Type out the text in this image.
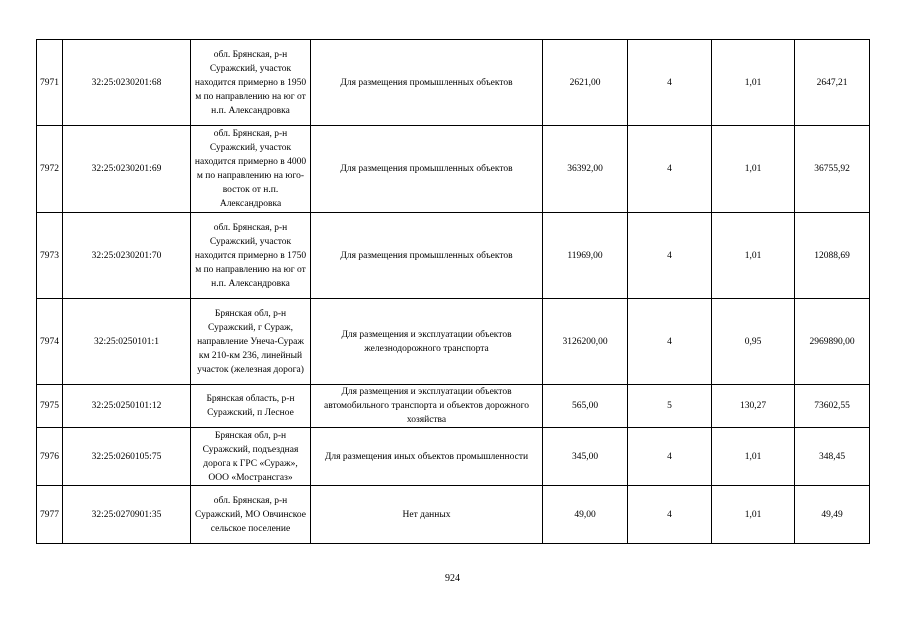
7971	32:25:0230201:68	обл. Брянская, р-н Суражский, участок находится примерно в 1950 м по направлению на юг от н.п. Александровка	Для размещения промышленных объектов	2621,00	4	1,01	2647,21
7972	32:25:0230201:69	обл. Брянская, р-н Суражский, участок находится примерно в 4000 м по направлению на юго-восток от н.п. Александровка	Для размещения промышленных объектов	36392,00	4	1,01	36755,92
7973	32:25:0230201:70	обл. Брянская, р-н Суражский, участок находится примерно в 1750 м по направлению на юг от н.п. Александровка	Для размещения промышленных объектов	11969,00	4	1,01	12088,69
7974	32:25:0250101:1	Брянская обл, р-н Суражский, г Сураж, направление Унеча-Сураж км 210-км 236, линейный участок (железная дорога)	Для размещения и эксплуатации объектов железнодорожного транспорта	3126200,00	4	0,95	2969890,00
7975	32:25:0250101:12	Брянская область, р-н Суражский, п Лесное	Для размещения и эксплуатации объектов автомобильного транспорта и объектов дорожного хозяйства	565,00	5	130,27	73602,55
7976	32:25:0260105:75	Брянская обл, р-н Суражский, подъездная дорога к ГРС «Сураж», ООО «Мострансгаз»	Для размещения иных объектов промышленности	345,00	4	1,01	348,45
7977	32:25:0270901:35	обл. Брянская, р-н Суражский, МО Овчинское сельское поселение	Нет данных	49,00	4	1,01	49,49
924
